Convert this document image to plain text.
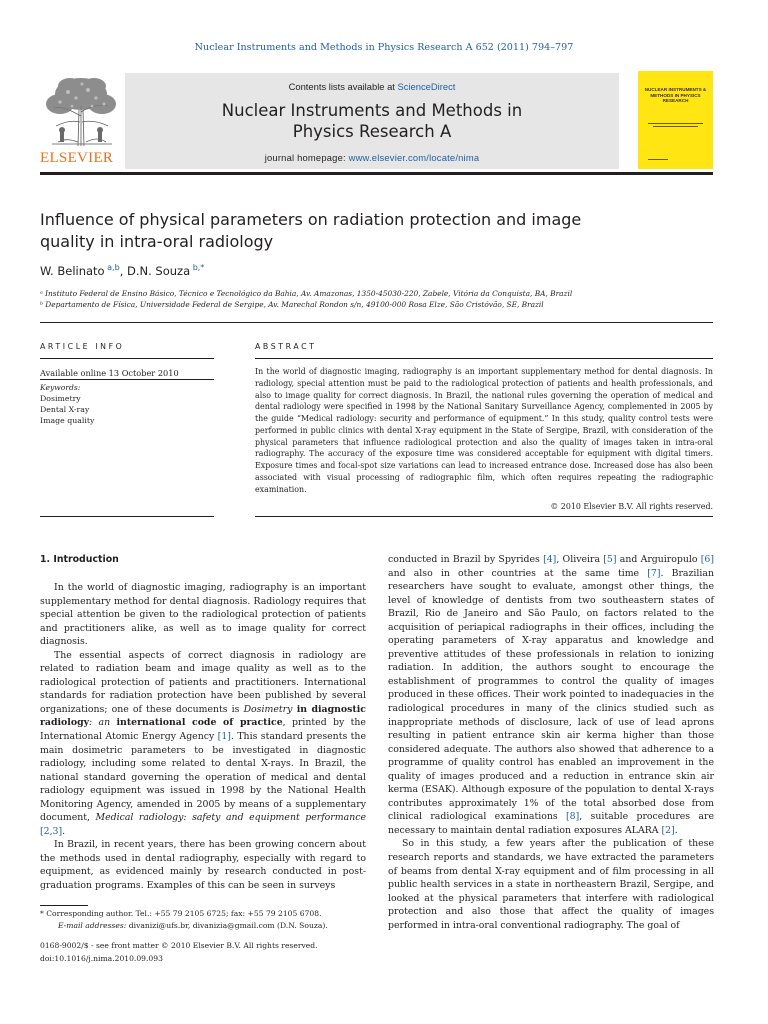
Nuclear Instruments and Methods in Physics Research A 652 (2011) 794–797
ELSEVIER
Contents lists available at ScienceDirect
Nuclear Instruments and Methods in
Physics Research A
journal homepage: www.elsevier.com/locate/nima
NUCLEAR INSTRUMENTS & METHODS IN PHYSICS RESEARCH
Influence of physical parameters on radiation protection and image
quality in intra-oral radiology
W. Belinato $^{a,b}$, D.N. Souza $^{b,*}$
ᵃ Instituto Federal de Ensino Básico, Técnico e Tecnológico da Bahia, Av. Amazonas, 1350-45030-220, Zabele, Vitória da Conquista, BA, Brazil
ᵇ Departamento de Física, Universidade Federal de Sergipe, Av. Marechal Rondon s/n, 49100-000 Rosa Elze, São Cristóvão, SE, Brazil
ARTICLE INFO	ABSTRACT
Available online 13 October 2010
Keywords:
Dosimetry
Dental X-ray
Image quality
In the world of diagnostic imaging, radiography is an important supplementary method for dental diagnosis. In radiology, special attention must be paid to the radiological protection of patients and health professionals, and also to image quality for correct diagnosis. In Brazil, the national rules governing the operation of medical and dental radiology were specified in 1998 by the National Sanitary Surveillance Agency, complemented in 2005 by the guide “Medical radiology: security and performance of equipment.” In this study, quality control tests were performed in public clinics with dental X-ray equipment in the State of Sergipe, Brazil, with consideration of the physical parameters that influence radiological protection and also the quality of images taken in intra-oral radiography. The accuracy of the exposure time was considered acceptable for equipment with digital timers. Exposure times and focal-spot size variations can lead to increased entrance dose. Increased dose has also been associated with visual processing of radiographic film, which often requires repeating the radiographic examination.
© 2010 Elsevier B.V. All rights reserved.
1. Introduction

In the world of diagnostic imaging, radiography is an important supplementary method for dental diagnosis. Radiology requires that special attention be given to the radiological protection of patients and practitioners alike, as well as to image quality for correct diagnosis.

The essential aspects of correct diagnosis in radiology are related to radiation beam and image quality as well as to the radiological protection of patients and practitioners. International standards for radiation protection have been published by several organizations; one of these documents is Dosimetry in diagnostic radiology: an international code of practice, printed by the International Atomic Energy Agency [1]. This standard presents the main dosimetric parameters to be investigated in diagnostic radiology, including some related to dental X-rays. In Brazil, the national standard governing the operation of medical and dental radiology equipment was issued in 1998 by the National Health Monitoring Agency, amended in 2005 by means of a supplementary document, Medical radiology: safety and equipment performance [2,3].

In Brazil, in recent years, there has been growing concern about the methods used in dental radiography, especially with regard to equipment, as evidenced mainly by research conducted in post-graduation programs. Examples of this can be seen in surveys

conducted in Brazil by Spyrides [4], Oliveira [5] and Arguiropulo [6] and also in other countries at the same time [7]. Brazilian researchers have sought to evaluate, amongst other things, the level of knowledge of dentists from two southeastern states of Brazil, Rio de Janeiro and São Paulo, on factors related to the acquisition of periapical radiographs in their offices, including the operating parameters of X-ray apparatus and knowledge and preventive attitudes of these professionals in relation to ionizing radiation. In addition, the authors sought to encourage the establishment of programmes to control the quality of images produced in these offices. Their work pointed to inadequacies in the radiological procedures in many of the clinics studied such as inappropriate methods of disclosure, lack of use of lead aprons resulting in patient entrance skin air kerma higher than those considered adequate. The authors also showed that adherence to a programme of quality control has enabled an improvement in the quality of images produced and a reduction in entrance skin air kerma (ESAK). Although exposure of the population to dental X-rays contributes approximately 1% of the total absorbed dose from clinical radiological examinations [8], suitable procedures are necessary to maintain dental radiation exposures ALARA [2].

So in this study, a few years after the publication of these research reports and standards, we have extracted the parameters of beams from dental X-ray equipment and of film processing in all public health services in a state in northeastern Brazil, Sergipe, and looked at the physical parameters that interfere with radiological protection and also those that affect the quality of images performed in intra-oral conventional radiography. The goal of

* Corresponding author. Tel.: +55 79 2105 6725; fax: +55 79 2105 6708.
E-mail addresses: divanizi@ufs.br, divanizia@gmail.com (D.N. Souza).
0168-9002/$ - see front matter © 2010 Elsevier B.V. All rights reserved.
doi:10.1016/j.nima.2010.09.093
